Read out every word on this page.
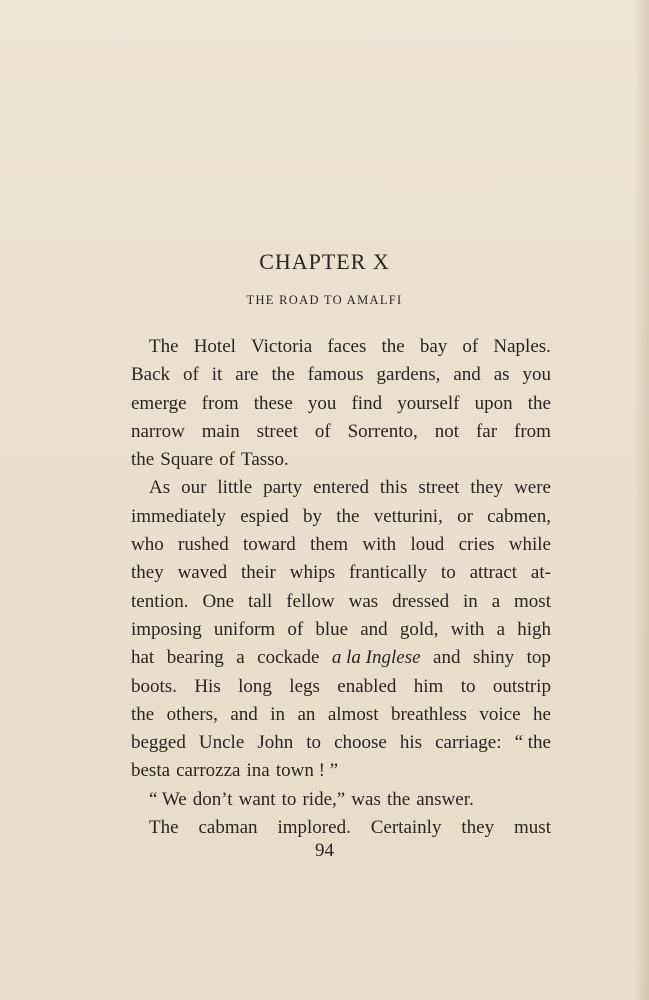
CHAPTER X
THE ROAD TO AMALFI
The Hotel Victoria faces the bay of Naples.
Back of it are the famous gardens, and as you
emerge from these you find yourself upon the
narrow main street of Sorrento, not far from
the Square of Tasso.
As our little party entered this street they were
immediately espied by the vetturini, or cabmen,
who rushed toward them with loud cries while
they waved their whips frantically to attract at-
tention. One tall fellow was dressed in a most
imposing uniform of blue and gold, with a high
hat bearing a cockade a la Inglese and shiny top
boots. His long legs enabled him to outstrip
the others, and in an almost breathless voice he
begged Uncle John to choose his carriage: “ the
besta carrozza ina town ! ”
“ We don’t want to ride,” was the answer.
The cabman implored. Certainly they must
94
